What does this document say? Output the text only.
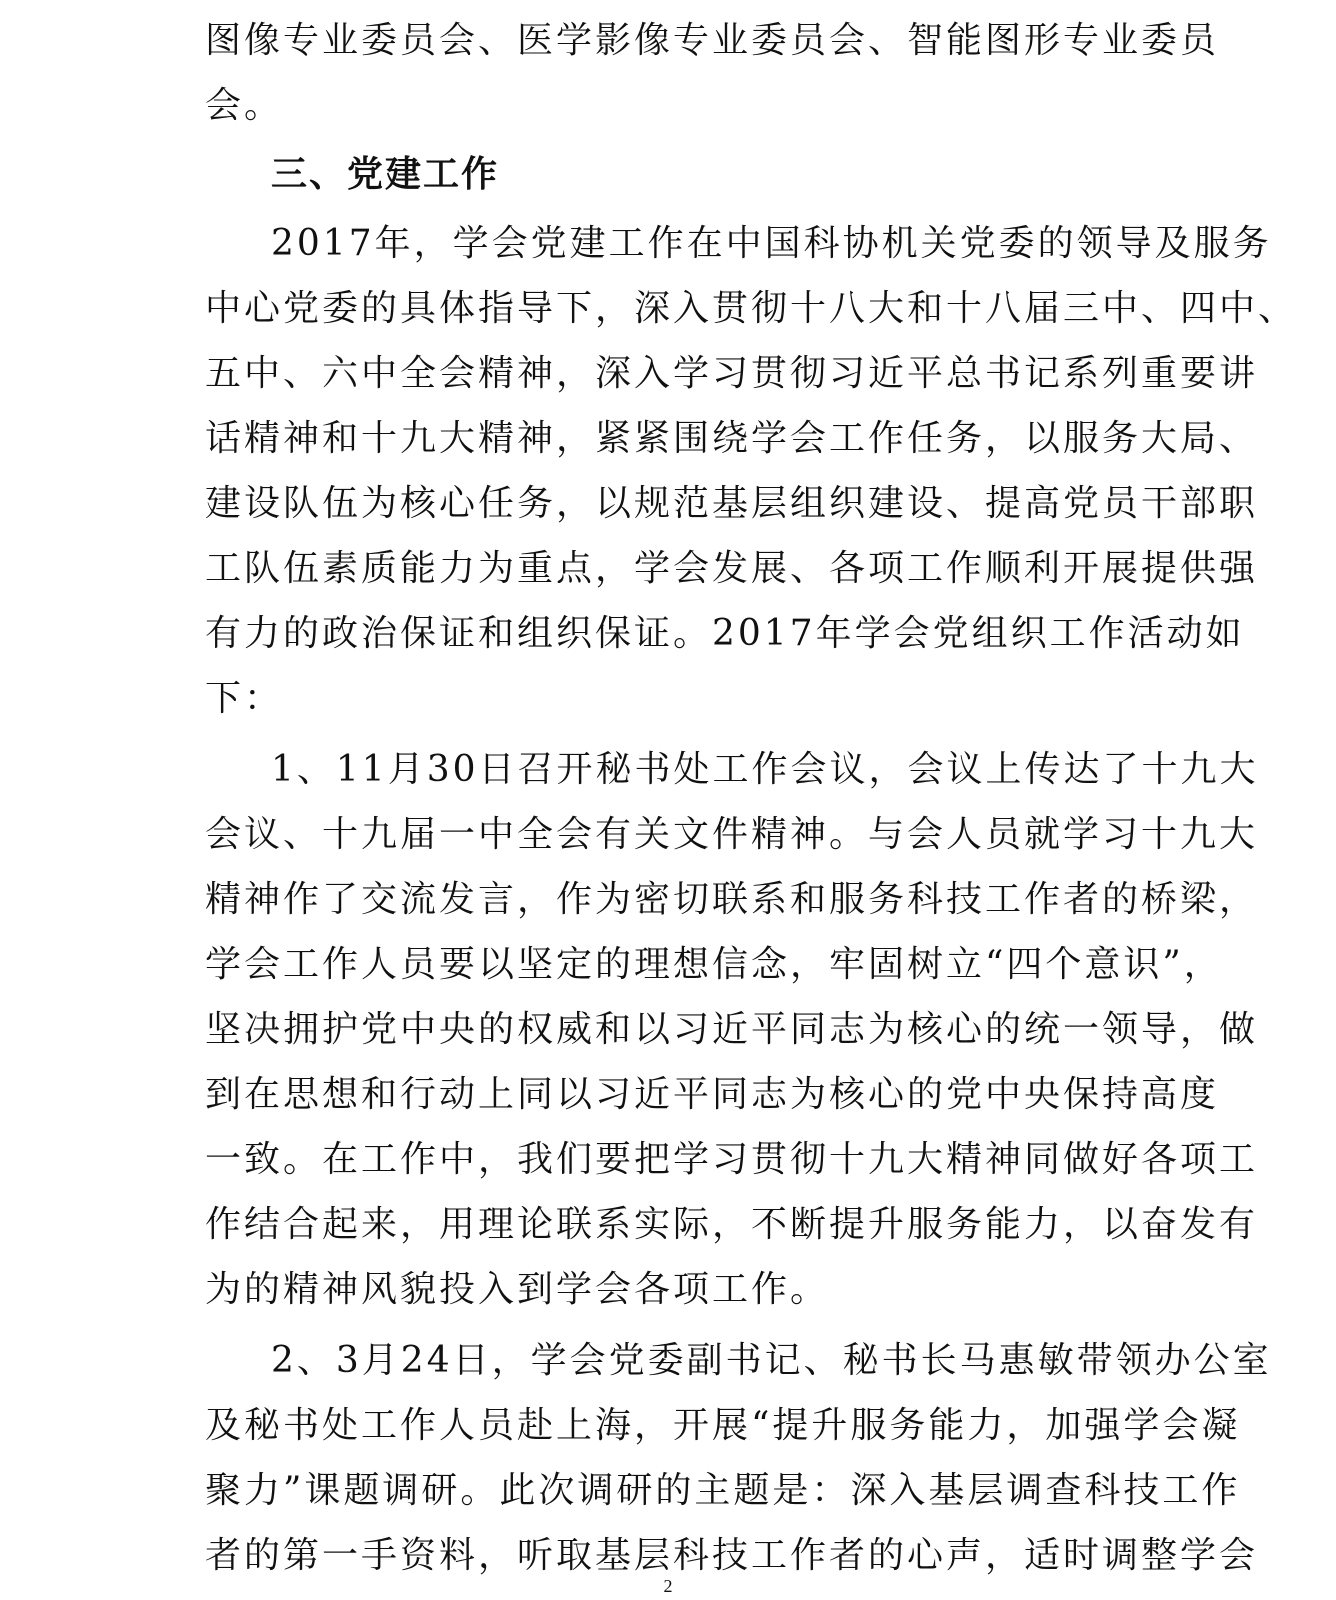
图像专业委员会、医学影像专业委员会、智能图形专业委员
会。
三、党建工作
2017年，学会党建工作在中国科协机关党委的领导及服务
中心党委的具体指导下，深入贯彻十八大和十八届三中、四中、
五中、六中全会精神，深入学习贯彻习近平总书记系列重要讲
话精神和十九大精神，紧紧围绕学会工作任务，以服务大局、
建设队伍为核心任务，以规范基层组织建设、提高党员干部职
工队伍素质能力为重点，学会发展、各项工作顺利开展提供强
有力的政治保证和组织保证。2017年学会党组织工作活动如
下：
1、11月30日召开秘书处工作会议，会议上传达了十九大
会议、十九届一中全会有关文件精神。与会人员就学习十九大
精神作了交流发言，作为密切联系和服务科技工作者的桥梁，
学会工作人员要以坚定的理想信念，牢固树立“四个意识”，
坚决拥护党中央的权威和以习近平同志为核心的统一领导，做
到在思想和行动上同以习近平同志为核心的党中央保持高度
一致。在工作中，我们要把学习贯彻十九大精神同做好各项工
作结合起来，用理论联系实际，不断提升服务能力，以奋发有
为的精神风貌投入到学会各项工作。
2、3月24日，学会党委副书记、秘书长马惠敏带领办公室
及秘书处工作人员赴上海，开展“提升服务能力，加强学会凝
聚力”课题调研。此次调研的主题是：深入基层调查科技工作
者的第一手资料，听取基层科技工作者的心声，适时调整学会
2
